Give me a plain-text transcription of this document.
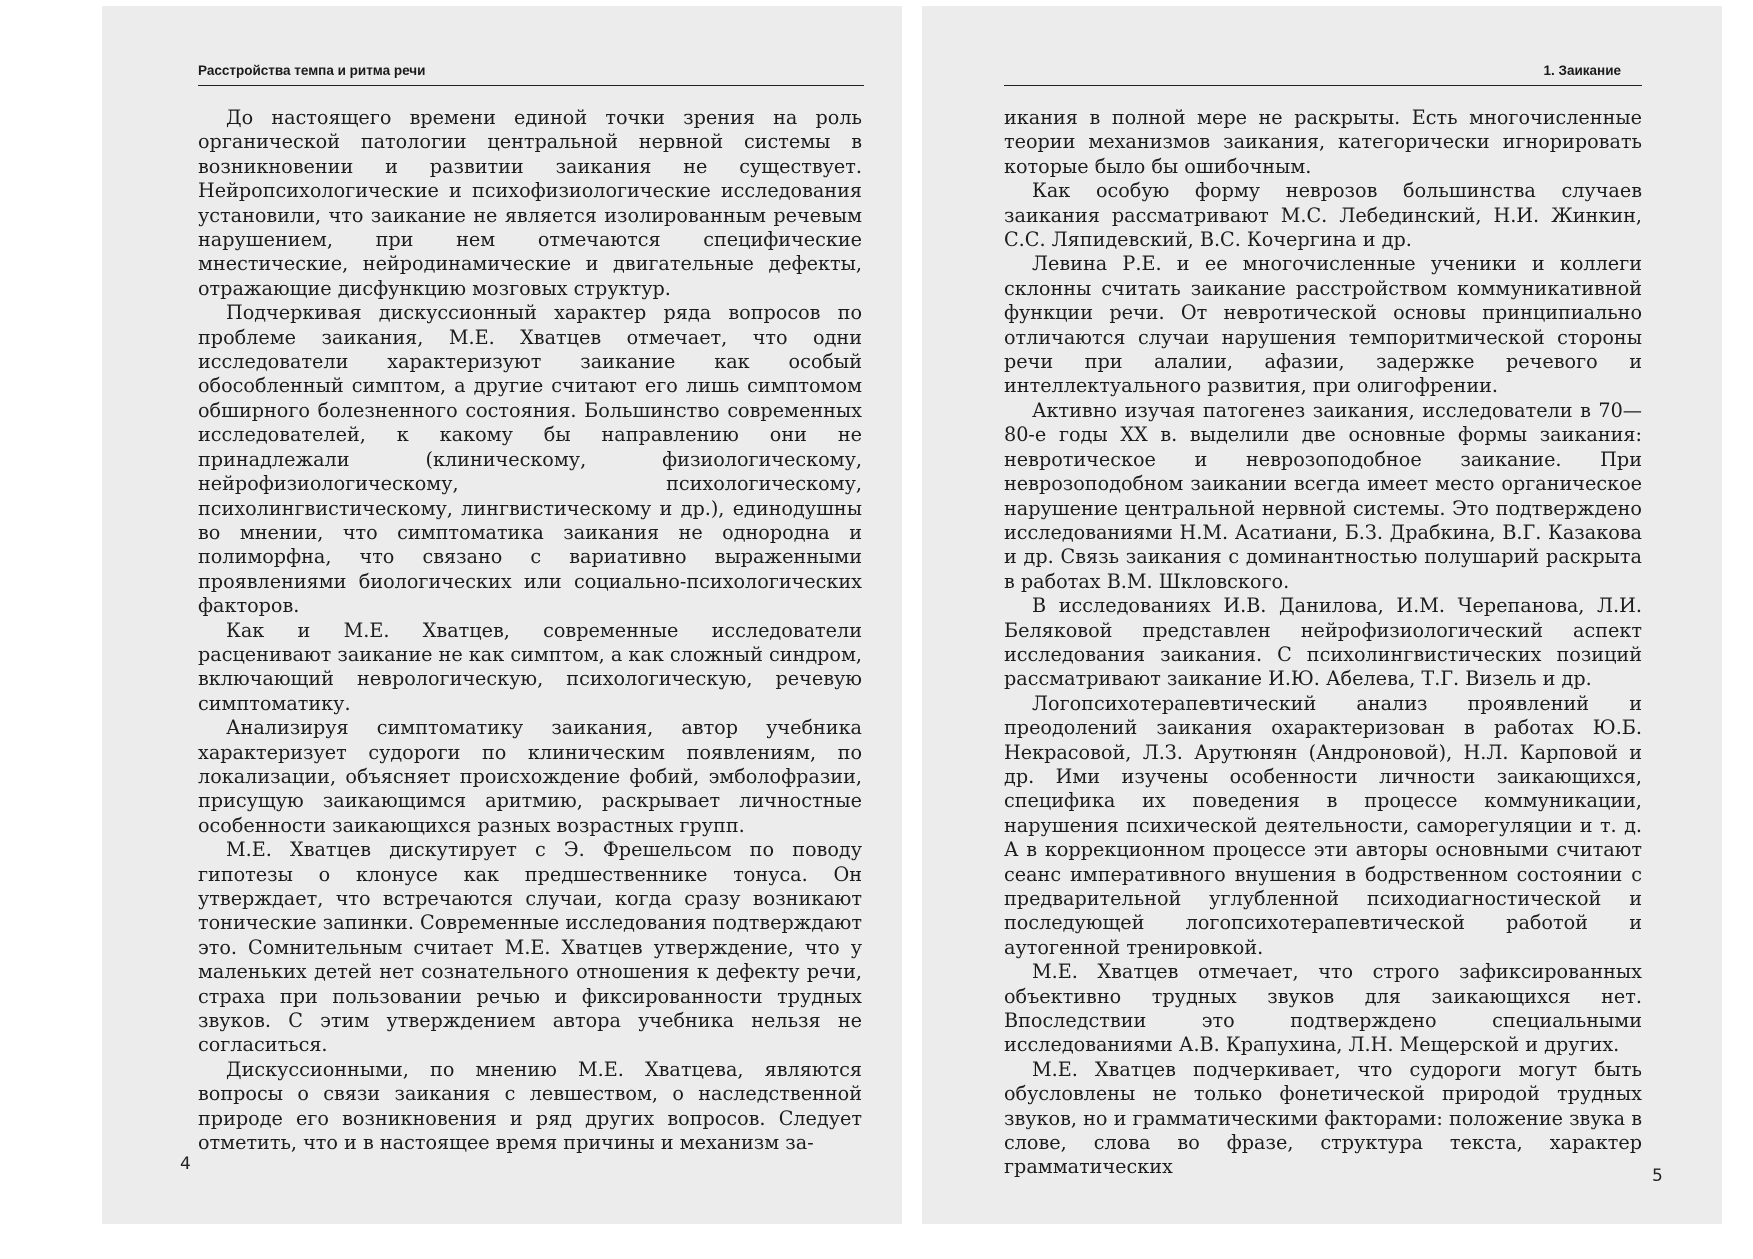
Расстройства темпа и ритма речи

До настоящего времени единой точки зрения на роль органической патологии центральной нервной системы в возникновении и развитии заикания не существует. Нейропсихологические и психофизиологические исследования установили, что заикание не является изолированным речевым нарушением, при нем отмечаются специфические мнестические, нейродинамические и двигательные дефекты, отражающие дисфункцию мозговых структур.

Подчеркивая дискуссионный характер ряда вопросов по проблеме заикания, М.Е. Хватцев отмечает, что одни исследователи характеризуют заикание как особый обособленный симптом, а другие считают его лишь симптомом обширного болезненного состояния. Большинство современных исследователей, к какому бы направлению они не принадлежали (клиническому, физиологическому, нейрофизиологическому, психологическому, психолингвистическому, лингвистическому и др.), единодушны во мнении, что симптоматика заикания не однородна и полиморфна, что связано с вариативно выраженными проявлениями биологических или социально-психологических факторов.

Как и М.Е. Хватцев, современные исследователи расценивают заикание не как симптом, а как сложный синдром, включающий неврологическую, психологическую, речевую симптоматику.

Анализируя симптоматику заикания, автор учебника характеризует судороги по клиническим появлениям, по локализации, объясняет происхождение фобий, эмболофразии, присущую заикающимся аритмию, раскрывает личностные особенности заикающихся разных возрастных групп.

М.Е. Хватцев дискутирует с Э. Фрешельсом по поводу гипотезы о клонусе как предшественнике тонуса. Он утверждает, что встречаются случаи, когда сразу возникают тонические запинки. Современные исследования подтверждают это. Сомнительным считает М.Е. Хватцев утверждение, что у маленьких детей нет сознательного отношения к дефекту речи, страха при пользовании речью и фиксированности трудных звуков. С этим утверждением автора учебника нельзя не согласиться.

Дискуссионными, по мнению М.Е. Хватцева, являются вопросы о связи заикания с левшеством, о наследственной природе его возникновения и ряд других вопросов. Следует отметить, что и в настоящее время причины и механизм за-

4
1. Заикание

икания в полной мере не раскрыты. Есть многочисленные теории механизмов заикания, категорически игнорировать которые было бы ошибочным.

Как особую форму неврозов большинства случаев заикания рассматривают М.С. Лебединский, Н.И. Жинкин, С.С. Ляпидевский, В.С. Кочергина и др.

Левина Р.Е. и ее многочисленные ученики и коллеги склонны считать заикание расстройством коммуникативной функции речи. От невротической основы принципиально отличаются случаи нарушения темпоритмической стороны речи при алалии, афазии, задержке речевого и интеллектуального развития, при олигофрении.

Активно изучая патогенез заикания, исследователи в 70—80-е годы XX в. выделили две основные формы заикания: невротическое и неврозоподобное заикание. При неврозоподобном заикании всегда имеет место органическое нарушение центральной нервной системы. Это подтверждено исследованиями Н.М. Асатиани, Б.З. Драбкина, В.Г. Казакова и др. Связь заикания с доминантностью полушарий раскрыта в работах В.М. Шкловского.

В исследованиях И.В. Данилова, И.М. Черепанова, Л.И. Беляковой представлен нейрофизиологический аспект исследования заикания. С психолингвистических позиций рассматривают заикание И.Ю. Абелева, Т.Г. Визель и др.

Логопсихотерапевтический анализ проявлений и преодолений заикания охарактеризован в работах Ю.Б. Некрасовой, Л.З. Арутюнян (Андроновой), Н.Л. Карповой и др. Ими изучены особенности личности заикающихся, специфика их поведения в процессе коммуникации, нарушения психической деятельности, саморегуляции и т. д. А в коррекционном процессе эти авторы основными считают сеанс императивного внушения в бодрственном состоянии с предварительной углубленной психодиагностической и последующей логопсихотерапевтической работой и аутогенной тренировкой.

М.Е. Хватцев отмечает, что строго зафиксированных объективно трудных звуков для заикающихся нет. Впоследствии это подтверждено специальными исследованиями А.В. Крапухина, Л.Н. Мещерской и других.

М.Е. Хватцев подчеркивает, что судороги могут быть обусловлены не только фонетической природой трудных звуков, но и грамматическими факторами: положение звука в слове, слова во фразе, структура текста, характер грамматических	5
